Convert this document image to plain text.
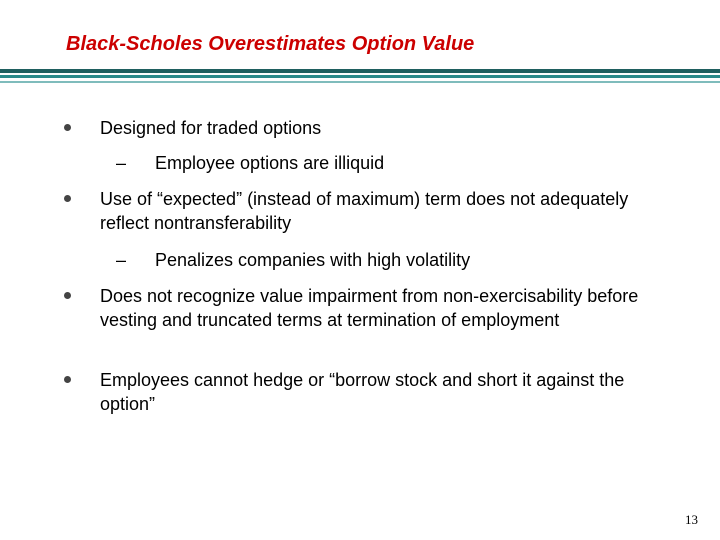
Black-Scholes Overestimates Option Value
Designed for traded options
– Employee options are illiquid
Use of “expected” (instead of maximum) term does not adequately reflect nontransferability
– Penalizes companies with high volatility
Does not recognize value impairment from non-exercisability before vesting and truncated terms at termination of employment
Employees cannot hedge or “borrow stock and short it against the option”
13
